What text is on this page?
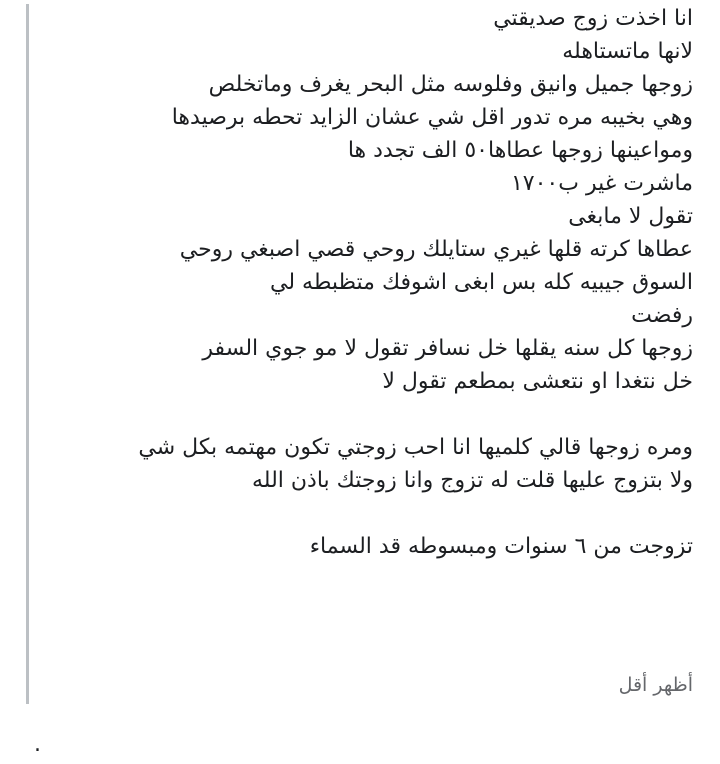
انا اخذت زوج صديقتي
لانها ماتستاهله
زوجها جميل وانيق وفلوسه مثل البحر يغرف وماتخلص
وهي بخيبه مره تدور اقل شي عشان الزايد تحطه برصيدها
ومواعينها زوجها عطاها٥٠ الف تجدد ها
ماشرت غير ب١٧٠٠
تقول لا مابغى
عطاها كرته قلها غيري ستايلك روحي قصي اصبغي روحي
السوق جيبيه كله بس ابغى اشوفك متظبطه لي
رفضت
زوجها كل سنه يقلها خل نسافر تقول لا مو جوي السفر
خل نتغدا او نتعشى بمطعم تقول لا
ومره زوجها قالي كلميها انا احب زوجتي تكون مهتمه بكل شي
ولا بتزوج عليها قلت له تزوج وانا زوجتك باذن الله
تزوجت من ٦ سنوات ومبسوطه قد السماء
أظهر أقل
.
